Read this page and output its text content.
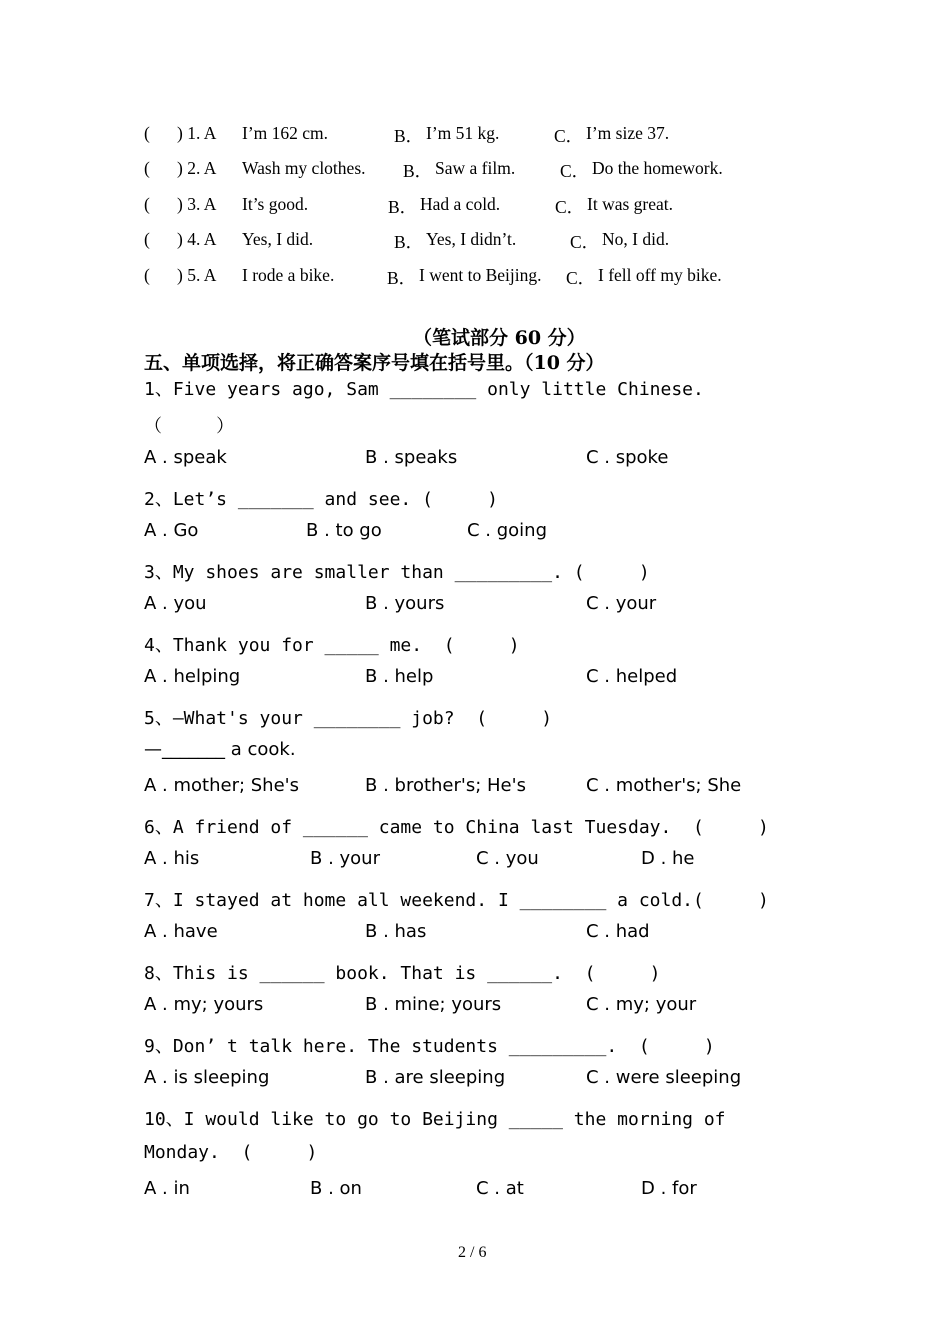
( ) 1. A I’m 162 cm.	B． I’m 51 kg.	C． I’m size 37.
( ) 2. A Wash my clothes. B． Saw a film.	C． Do the homework.
( ) 3. A It’s good.	B． Had a cold.	C． It was great.
( ) 4. A Yes, I did.	B． Yes, I didn’t.	C． No, I did.
( ) 5. A I rode a bike.	B． I went to Beijing. C． I fell off my bike.
（笔试部分 60 分）
五、单项选择，将正确答案序号填在括号里。（10 分）
1、Five years ago, Sam ________ only little Chinese.
（     ）
A . speak	B . speaks	C . spoke
2、Let’s _______ and see. (     )
A . Go	B . to go	C . going
3、My shoes are smaller than _________. (     )
A . you	B . yours	C . your
4、Thank you for _____ me.  (     )
A . helping	B . help	C . helped
5、—What's your ________ job?  (     )
—_______ a cook.
A . mother; She's	B . brother's; He's	C . mother's; She
6、A friend of ______ came to China last Tuesday.  (     )
A . his	B . your	C . you	D . he
7、I stayed at home all weekend. I ________ a cold.(     )
A . have	B . has	C . had
8、This is ______ book. That is ______.  (     )
A . my; yours	B . mine; yours	C . my; your
9、Don’ t talk here. The students _________.  (     )
A . is sleeping	B . are sleeping	C . were sleeping
10、I would like to go to Beijing _____ the morning of
Monday.  (     )
A . in	B . on	C . at	D . for
2 / 6
